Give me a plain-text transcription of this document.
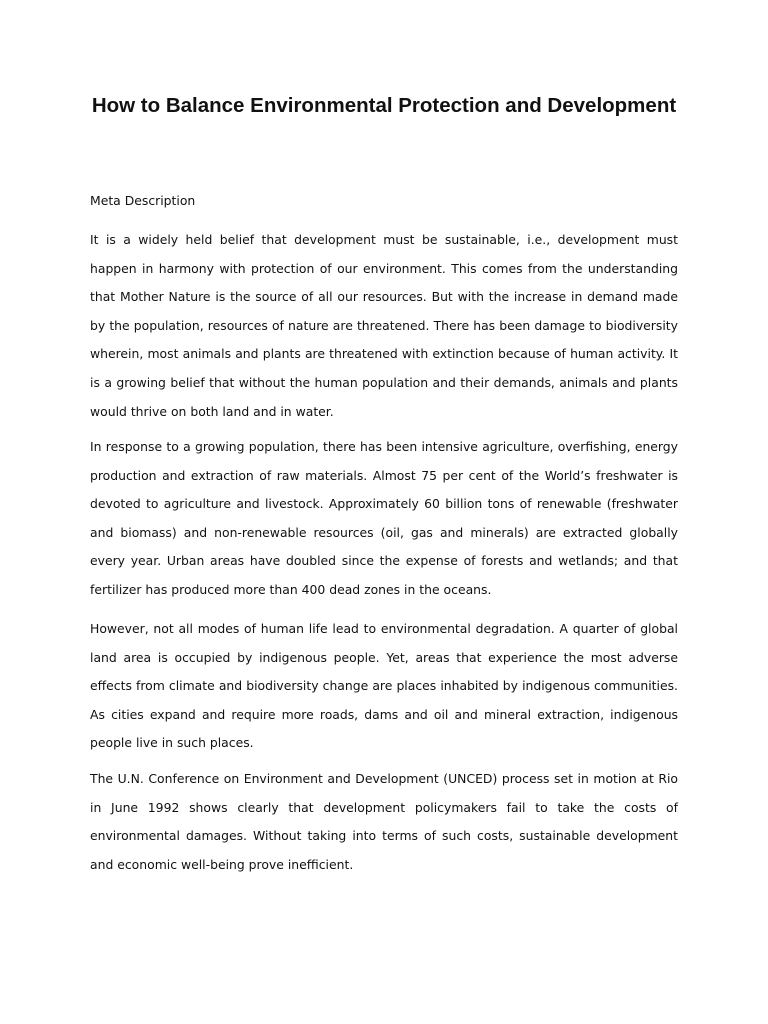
How to Balance Environmental Protection and Development

Meta Description

It is a widely held belief that development must be sustainable, i.e., development must happen in harmony with protection of our environment. This comes from the understanding that Mother Nature is the source of all our resources. But with the increase in demand made by the population, resources of nature are threatened. There has been damage to biodiversity wherein, most animals and plants are threatened with extinction because of human activity. It is a growing belief that without the human population and their demands, animals and plants would thrive on both land and in water.

In response to a growing population, there has been intensive agriculture, overfishing, energy production and extraction of raw materials. Almost 75 per cent of the World’s freshwater is devoted to agriculture and livestock. Approximately 60 billion tons of renewable (freshwater and biomass) and non-renewable resources (oil, gas and minerals) are extracted globally every year. Urban areas have doubled since the expense of forests and wetlands; and that fertilizer has produced more than 400 dead zones in the oceans.

However, not all modes of human life lead to environmental degradation. A quarter of global land area is occupied by indigenous people. Yet, areas that experience the most adverse effects from climate and biodiversity change are places inhabited by indigenous communities. As cities expand and require more roads, dams and oil and mineral extraction, indigenous people live in such places.

The U.N. Conference on Environment and Development (UNCED) process set in motion at Rio in June 1992 shows clearly that development policymakers fail to take the costs of environmental damages. Without taking into terms of such costs, sustainable development and economic well-being prove inefficient.
